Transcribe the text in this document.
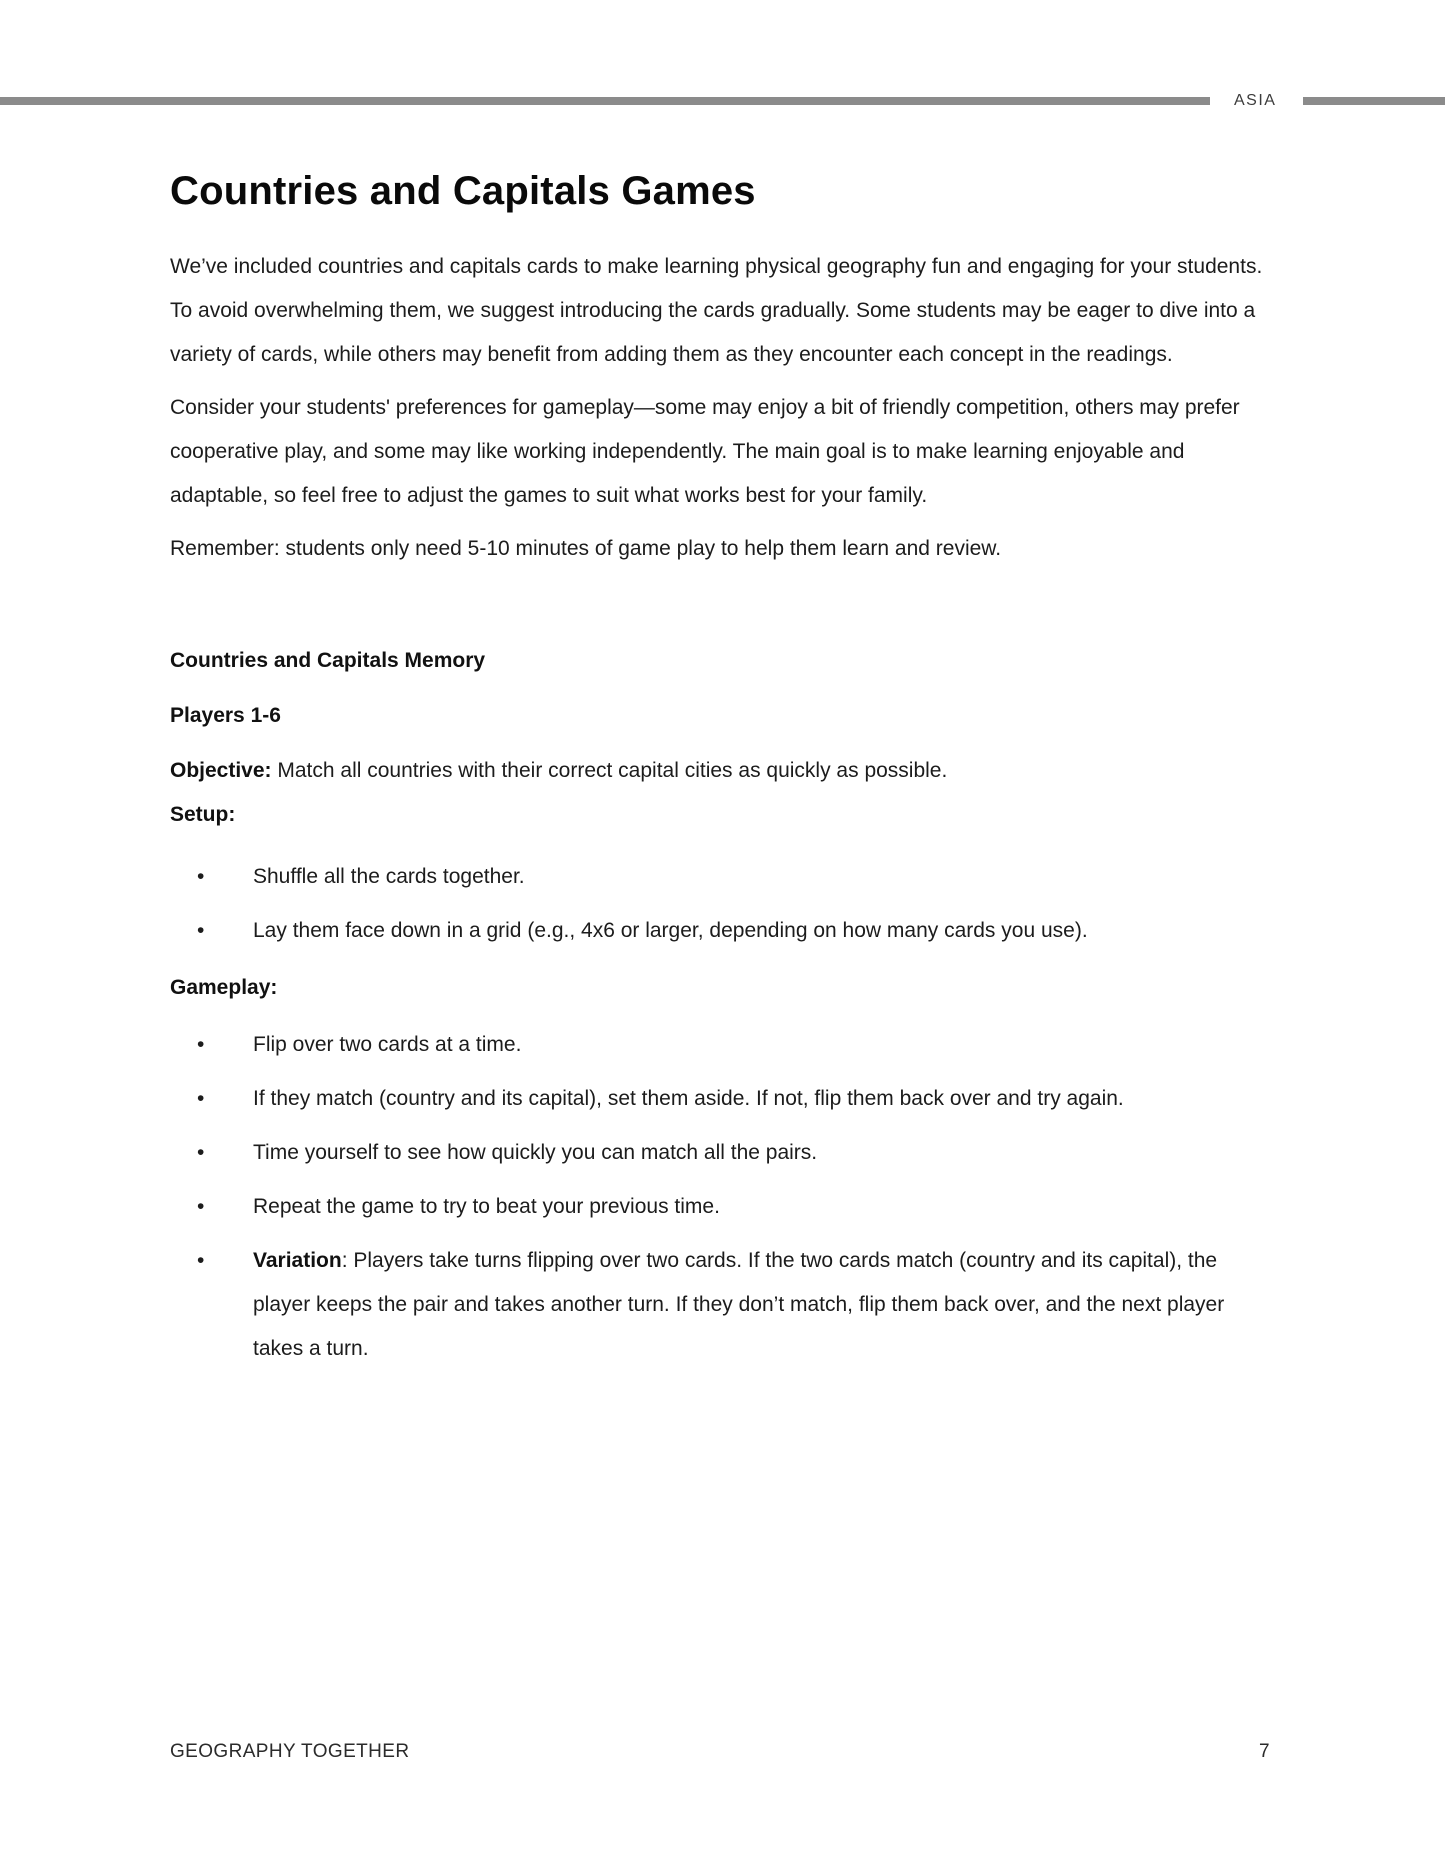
ASIA
Countries and Capitals Games

We’ve included countries and capitals cards to make learning physical geography fun and engaging for your students. To avoid overwhelming them, we suggest introducing the cards gradually. Some students may be eager to dive into a variety of cards, while others may benefit from adding them as they encounter each concept in the readings.

Consider your students' preferences for gameplay—some may enjoy a bit of friendly competition, others may prefer cooperative play, and some may like working independently. The main goal is to make learning enjoyable and adaptable, so feel free to adjust the games to suit what works best for your family.

Remember: students only need 5-10 minutes of game play to help them learn and review.

Countries and Capitals Memory

Players 1-6

Objective: Match all countries with their correct capital cities as quickly as possible.

Setup:

• Shuffle all the cards together.
• Lay them face down in a grid (e.g., 4x6 or larger, depending on how many cards you use).

Gameplay:

• Flip over two cards at a time.
• If they match (country and its capital), set them aside. If not, flip them back over and try again.
• Time yourself to see how quickly you can match all the pairs.
• Repeat the game to try to beat your previous time.
• Variation: Players take turns flipping over two cards. If the two cards match (country and its capital), the player keeps the pair and takes another turn. If they don’t match, flip them back over, and the next player takes a turn.
GEOGRAPHY TOGETHER	7
